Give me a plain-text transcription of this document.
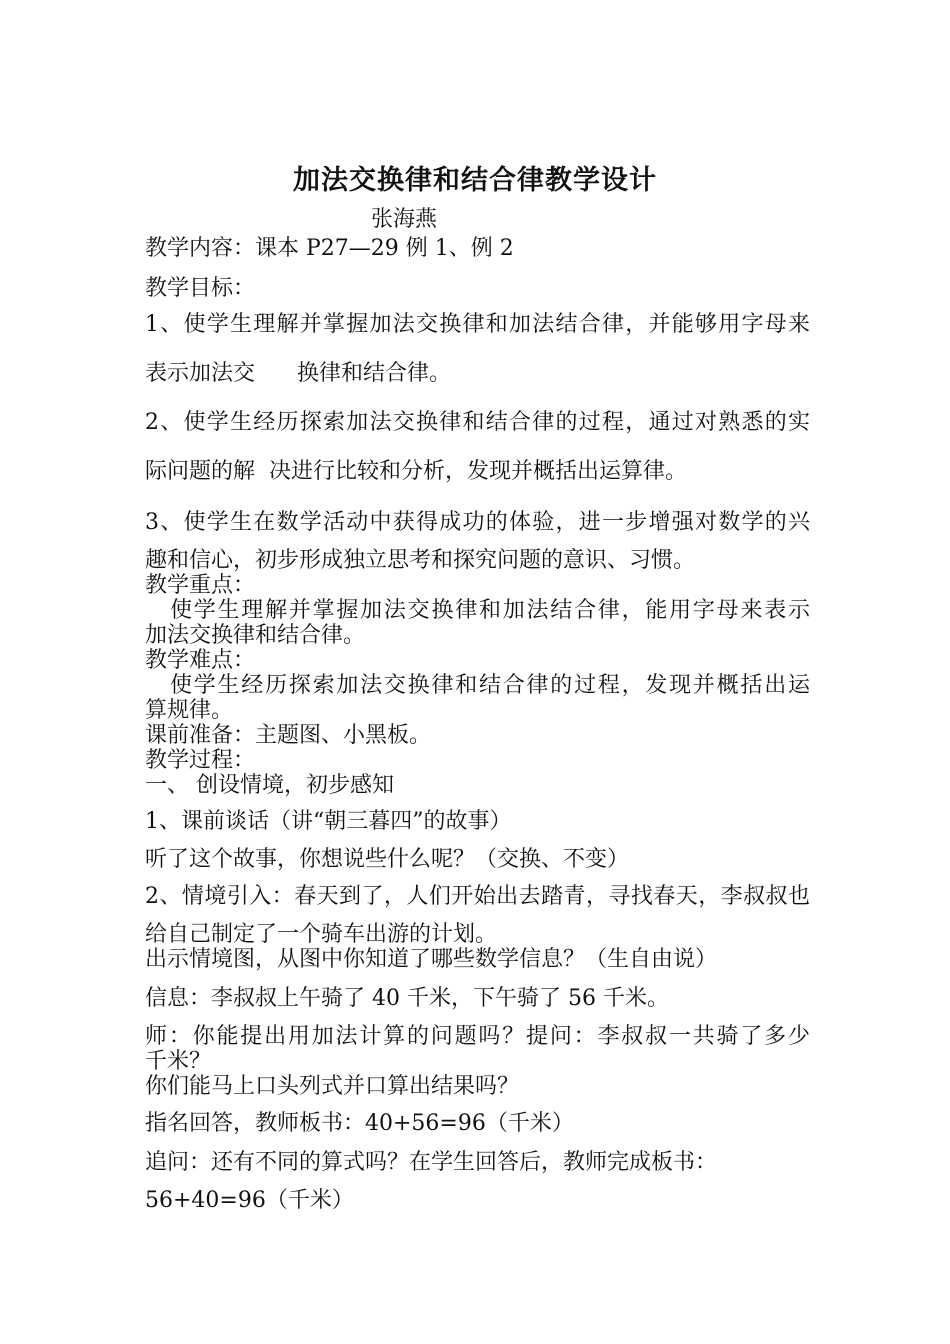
加法交换律和结合律教学设计
张海燕
教学内容：课本 P27—29 例 1、例 2
教学目标：
1、使学生理解并掌握加法交换律和加法结合律，并能够用字母来
表示加法交 换律和结合律。
2、使学生经历探索加法交换律和结合律的过程，通过对熟悉的实
际问题的解 决进行比较和分析，发现并概括出运算律。
3、使学生在数学活动中获得成功的体验，进一步增强对数学的兴
趣和信心，初步形成独立思考和探究问题的意识、习惯。
教学重点：
使学生理解并掌握加法交换律和加法结合律，能用字母来表示
加法交换律和结合律。
教学难点：
使学生经历探索加法交换律和结合律的过程，发现并概括出运
算规律。
课前准备：主题图、小黑板。
教学过程：
一、 创设情境，初步感知
1、课前谈话（讲“朝三暮四”的故事）
听了这个故事，你想说些什么呢？（交换、不变）
2、情境引入：春天到了，人们开始出去踏青，寻找春天，李叔叔也
给自己制定了一个骑车出游的计划。
出示情境图，从图中你知道了哪些数学信息？（生自由说）
信息：李叔叔上午骑了 40 千米，下午骑了 56 千米。
师：你能提出用加法计算的问题吗？提问：李叔叔一共骑了多少
千米？
你们能马上口头列式并口算出结果吗？
指名回答，教师板书：40+56=96（千米）
追问：还有不同的算式吗？在学生回答后，教师完成板书：
56+40=96（千米）
